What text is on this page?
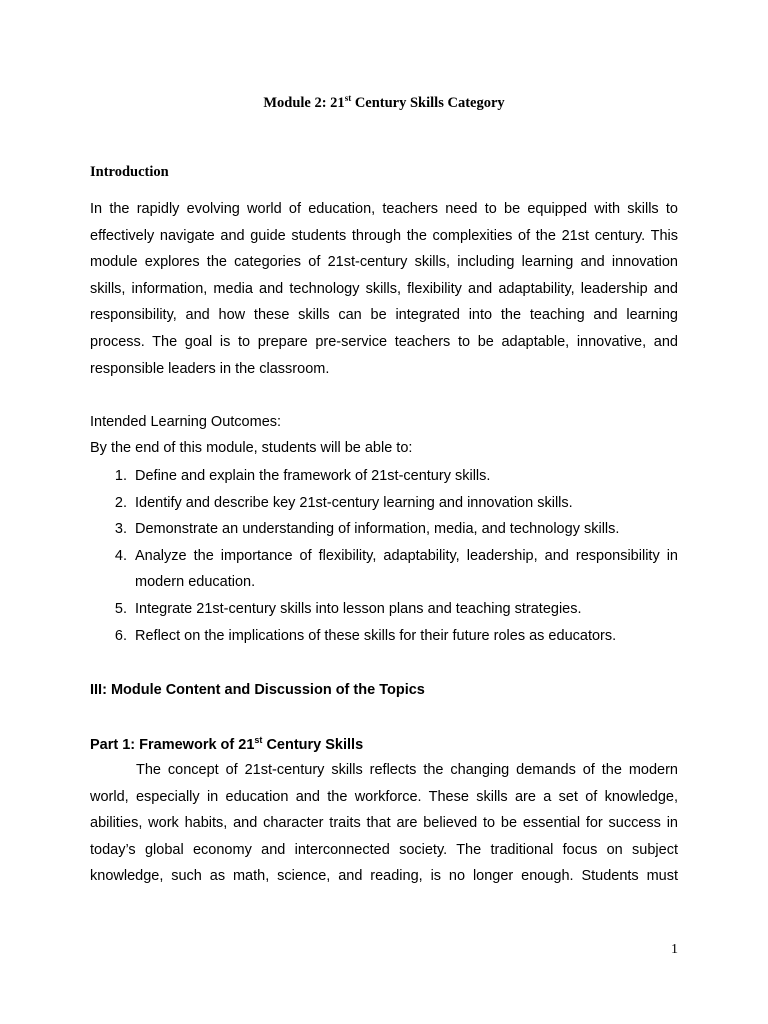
Module 2: 21st Century Skills Category
Introduction
In the rapidly evolving world of education, teachers need to be equipped with skills to effectively navigate and guide students through the complexities of the 21st century. This module explores the categories of 21st-century skills, including learning and innovation skills, information, media and technology skills, flexibility and adaptability, leadership and responsibility, and how these skills can be integrated into the teaching and learning process. The goal is to prepare pre-service teachers to be adaptable, innovative, and responsible leaders in the classroom.
Intended Learning Outcomes:
By the end of this module, students will be able to:
1. Define and explain the framework of 21st-century skills.
2. Identify and describe key 21st-century learning and innovation skills.
3. Demonstrate an understanding of information, media, and technology skills.
4. Analyze the importance of flexibility, adaptability, leadership, and responsibility in modern education.
5. Integrate 21st-century skills into lesson plans and teaching strategies.
6. Reflect on the implications of these skills for their future roles as educators.
III: Module Content and Discussion of the Topics
Part 1: Framework of 21st Century Skills
The concept of 21st-century skills reflects the changing demands of the modern world, especially in education and the workforce. These skills are a set of knowledge, abilities, work habits, and character traits that are believed to be essential for success in today’s global economy and interconnected society. The traditional focus on subject knowledge, such as math, science, and reading, is no longer enough. Students must
1
